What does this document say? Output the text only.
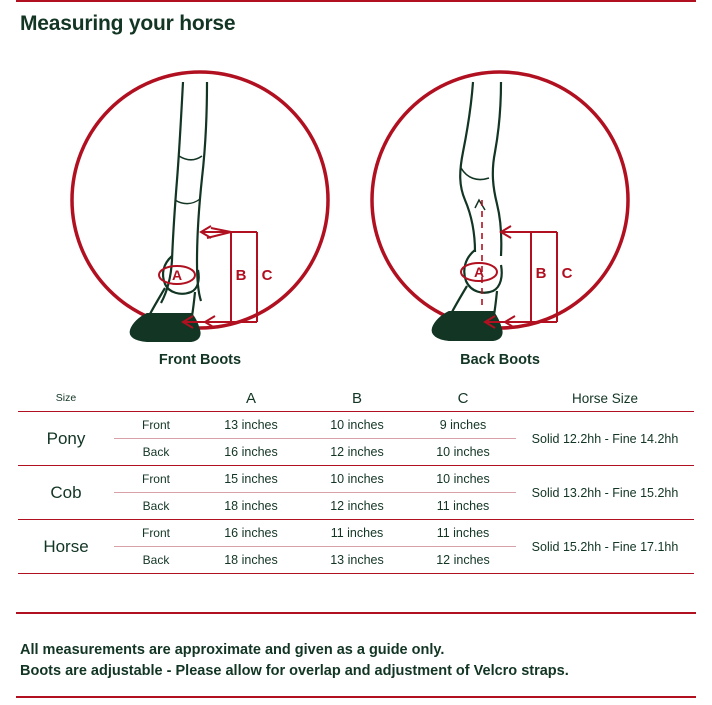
Measuring your horse
A	B C
Front Boots
A	B C
Back Boots
Size		A	B	C	Horse Size

Pony	Front	13 inches	10 inches	9 inches	Solid 12.2hh - Fine 14.2hh

	Back	16 inches	12 inches	10 inches	

Cob	Front	15 inches	10 inches	10 inches	Solid 13.2hh - Fine 15.2hh

	Back	18 inches	12 inches	11 inches	

Horse	Front	16 inches	11 inches	11 inches	Solid 15.2hh - Fine 17.1hh

	Back	18 inches	13 inches	12 inches	

All measurements are approximate and given as a guide only.
Boots are adjustable - Please allow for overlap and adjustment of Velcro straps.
